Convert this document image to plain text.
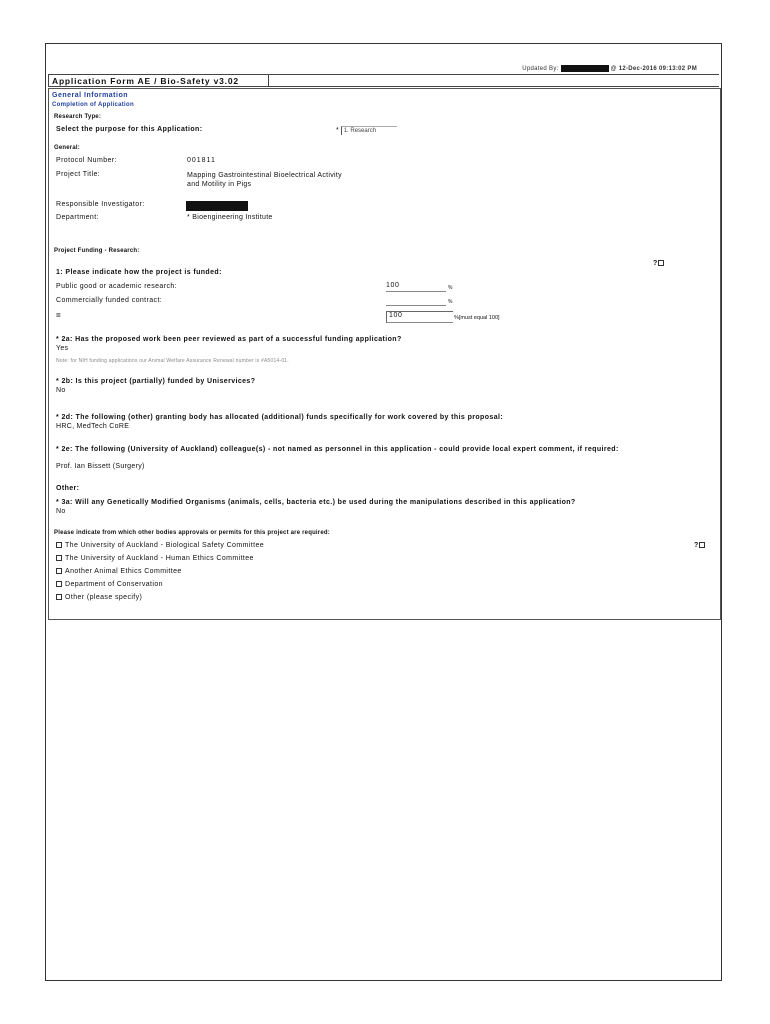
Updated By:	@ 12-Dec-2016 09:13:02 PM
Application Form AE / Bio-Safety v3.02
General Information
Completion of Application
Research Type:
Select the purpose for this Application:	* 1. Research
General:
Protocol Number:	001811
Project Title:	Mapping Gastrointestinal Bioelectrical Activity and Motility in Pigs
Responsible Investigator:
Department:	* Bioengineering Institute
Project Funding - Research:
?
1: Please indicate how the project is funded:
Public good or academic research:	100	%
Commercially funded contract:	%
=	100	%[must equal 100]
* 2a: Has the proposed work been peer reviewed as part of a successful funding application?
Yes
Note: for NIH funding applications our Animal Welfare Assurance Renewal number is #A5014-01.
* 2b: Is this project (partially) funded by Uniservices?
No
* 2d: The following (other) granting body has allocated (additional) funds specifically for work covered by this proposal:
HRC, MedTech CoRE
* 2e: The following (University of Auckland) colleague(s) - not named as personnel in this application - could provide local expert comment, if required:
Prof. Ian Bissett (Surgery)
Other:
* 3a: Will any Genetically Modified Organisms (animals, cells, bacteria etc.) be used during the manipulations described in this application?
No
Please indicate from which other bodies approvals or permits for this project are required:
?
The University of Auckland - Biological Safety Committee
The University of Auckland - Human Ethics Committee
Another Animal Ethics Committee
Department of Conservation
Other (please specify)
